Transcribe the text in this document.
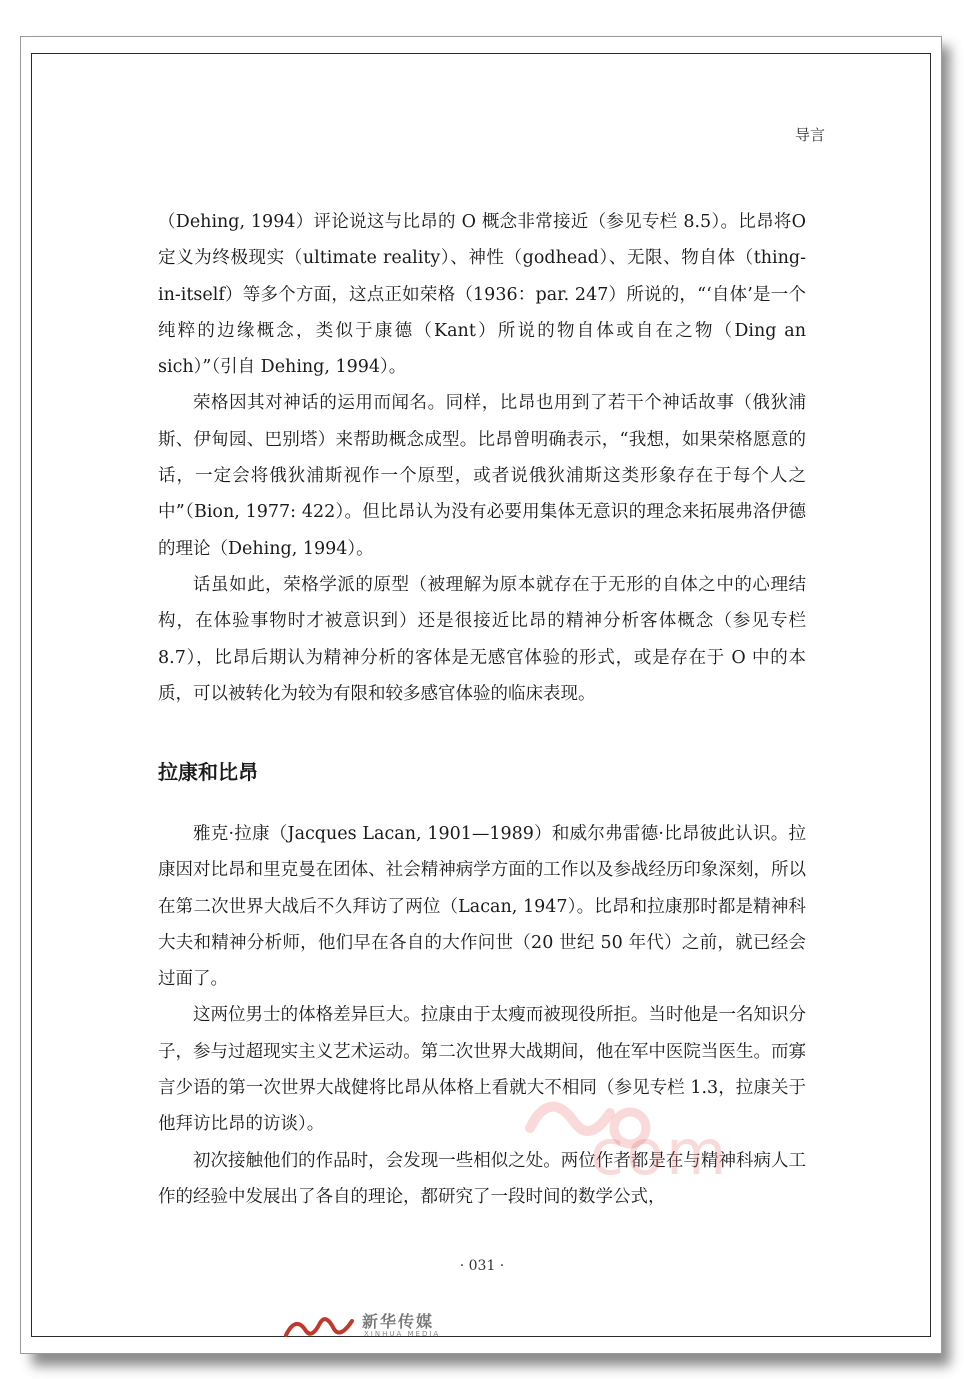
导言

（Dehing, 1994）评论说这与比昂的 O 概念非常接近（参见专栏 8.5）。比昂将O定义为终极现实（ultimate reality）、神性（godhead）、无限、物自体（thing-in-itself）等多个方面，这点正如荣格（1936：par. 247）所说的，“‘自体’是一个纯粹的边缘概念，类似于康德（Kant）所说的物自体或自在之物（Ding an sich）”（引自 Dehing, 1994）。

荣格因其对神话的运用而闻名。同样，比昂也用到了若干个神话故事（俄狄浦斯、伊甸园、巴别塔）来帮助概念成型。比昂曾明确表示，“我想，如果荣格愿意的话，一定会将俄狄浦斯视作一个原型，或者说俄狄浦斯这类形象存在于每个人之中”（Bion, 1977: 422）。但比昂认为没有必要用集体无意识的理念来拓展弗洛伊德的理论（Dehing, 1994）。

话虽如此，荣格学派的原型（被理解为原本就存在于无形的自体之中的心理结构，在体验事物时才被意识到）还是很接近比昂的精神分析客体概念（参见专栏 8.7），比昂后期认为精神分析的客体是无感官体验的形式，或是存在于 O 中的本质，可以被转化为较为有限和较多感官体验的临床表现。

拉康和比昂

雅克·拉康（Jacques Lacan, 1901—1989）和威尔弗雷德·比昂彼此认识。拉康因对比昂和里克曼在团体、社会精神病学方面的工作以及参战经历印象深刻，所以在第二次世界大战后不久拜访了两位（Lacan, 1947）。比昂和拉康那时都是精神科大夫和精神分析师，他们早在各自的大作问世（20 世纪 50 年代）之前，就已经会过面了。

这两位男士的体格差异巨大。拉康由于太瘦而被现役所拒。当时他是一名知识分子，参与过超现实主义艺术运动。第二次世界大战期间，他在军中医院当医生。而寡言少语的第一次世界大战健将比昂从体格上看就大不相同（参见专栏 1.3，拉康关于他拜访比昂的访谈）。

初次接触他们的作品时，会发现一些相似之处。两位作者都是在与精神科病人工作的经验中发展出了各自的理论，都研究了一段时间的数学公式，

com
· 031 ·
新华传媒
XINHUA MEDIA
